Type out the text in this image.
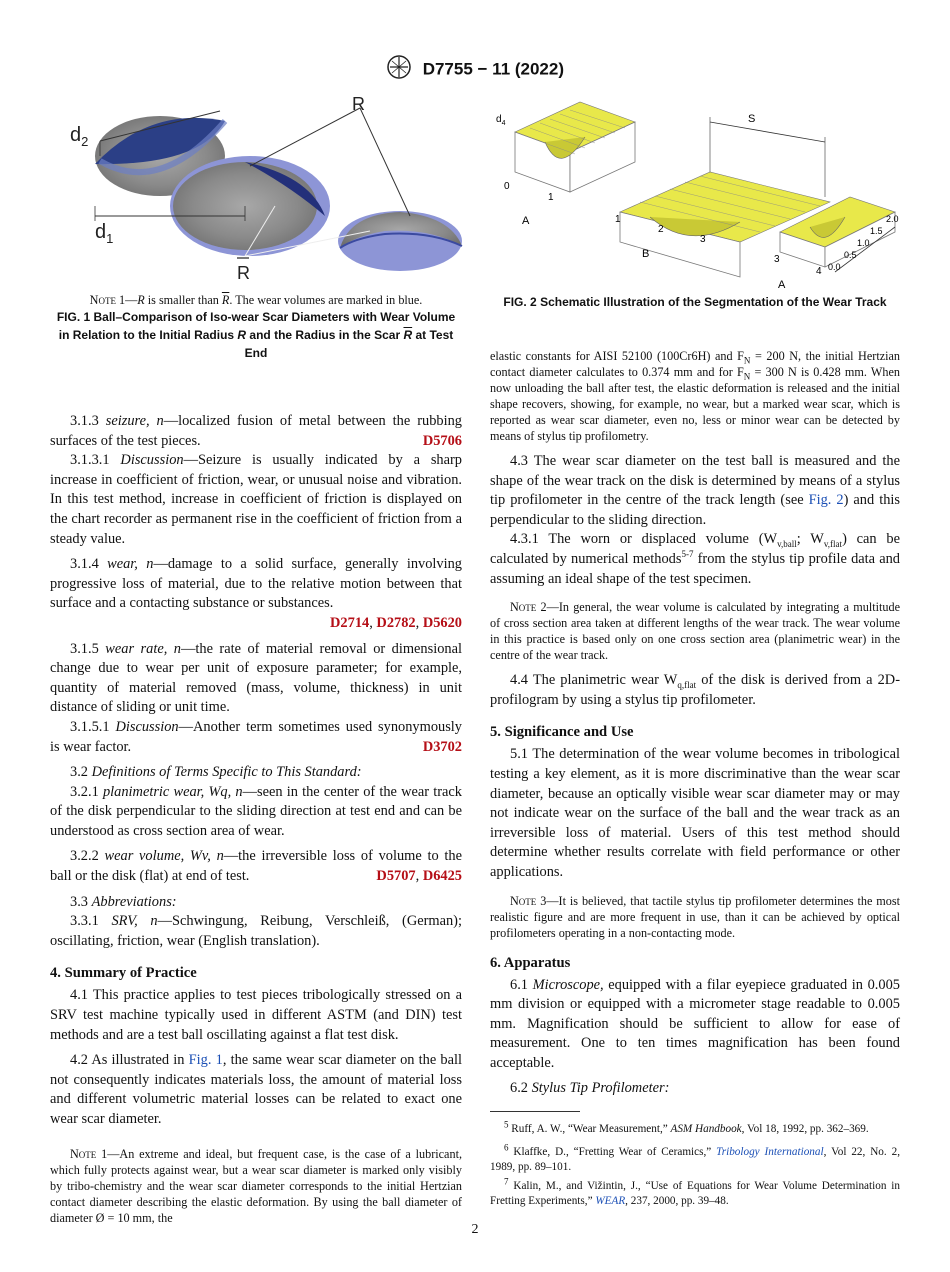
D7755 − 11 (2022)
$d_2$
$d_1$
R
R
Note 1—R is smaller than $\overline{R}$. The wear volumes are marked in blue.
FIG. 1 Ball–Comparison of Iso-wear Scar Diameters with Wear Volume in Relation to the Initial Radius R and the Radius in the Scar $\overline{R}$ at Test End
$d_4$
0
1
A
S
1
2
3
B	3
4
A
0.0
0.5
1.0
1.5
2.0
FIG. 2 Schematic Illustration of the Segmentation of the Wear Track

3.1.3 seizure, n—localized fusion of metal between the rubbing surfaces of the test pieces.	D5706

3.1.3.1 Discussion—Seizure is usually indicated by a sharp increase in coefficient of friction, wear, or unusual noise and vibration. In this test method, increase in coefficient of friction is displayed on the chart recorder as permanent rise in the coefficient of friction from a steady value.

3.1.4 wear, n—damage to a solid surface, generally involving progressive loss of material, due to the relative motion between that surface and a contacting substance or substances.

D2714, D2782, D5620

3.1.5 wear rate, n—the rate of material removal or dimensional change due to wear per unit of exposure parameter; for example, quantity of material removed (mass, volume, thickness) in unit distance of sliding or unit time.

3.1.5.1 Discussion—Another term sometimes used synonymously is wear factor.	D3702

3.2 Definitions of Terms Specific to This Standard:

3.2.1 planimetric wear, Wq, n—seen in the center of the wear track of the disk perpendicular to the sliding direction at test end and can be understood as cross section area of wear.

3.2.2 wear volume, Wv, n—the irreversible loss of volume to the ball or the disk (flat) at end of test.	D5707, D6425

3.3 Abbreviations:

3.3.1 SRV, n—Schwingung, Reibung, Verschleiß, (German); oscillating, friction, wear (English translation).

4. Summary of Practice

4.1 This practice applies to test pieces tribologically stressed on a SRV test machine typically used in different ASTM (and DIN) test methods and are a test ball oscillating against a flat test disk.

4.2 As illustrated in Fig. 1, the same wear scar diameter on the ball not consequently indicates materials loss, the amount of material loss and different volumetric material losses can be related to exact one wear scar diameter.

Note 1—An extreme and ideal, but frequent case, is the case of a lubricant, which fully protects against wear, but a wear scar diameter is marked only visibly by tribo-chemistry and the wear scar diameter corresponds to the initial Hertzian contact diameter describing the elastic deformation. By using the ball diameter of diameter Ø = 10 mm, the

elastic constants for AISI 52100 (100Cr6H) and $F_N = 200$ N, the initial Hertzian contact diameter calculates to 0.374 mm and for $F_N = 300$ N is 0.428 mm. When now unloading the ball after test, the elastic deformation is released and the initial shape recovers, showing, for example, no wear, but a marked wear scar, which is reported as wear scar diameter, even no, less or minor wear can be detected by means of stylus tip profilometry.

4.3 The wear scar diameter on the test ball is measured and the shape of the wear track on the disk is determined by means of a stylus tip profilometer in the centre of the track length (see Fig. 2) and this perpendicular to the sliding direction.

4.3.1 The worn or displaced volume ($W_{v,ball}$; $W_{v,flat}$) can be calculated by numerical methods$^{5-7}$ from the stylus tip profile data and assuming an ideal shape of the test specimen.

Note 2—In general, the wear volume is calculated by integrating a multitude of cross section area taken at different lengths of the wear track. The wear volume in this practice is based only on one cross section area (planimetric wear) in the centre of the wear track.

4.4 The planimetric wear $W_{q,flat}$ of the disk is derived from a 2D-profilogram by using a stylus tip profilometer.

5. Significance and Use

5.1 The determination of the wear volume becomes in tribological testing a key element, as it is more discriminative than the wear scar diameter, because an optically visible wear scar diameter may or may not indicate wear on the surface of the ball and the wear track as an irreversible loss of material. Users of this test method should determine whether results correlate with field performance or other applications.

Note 3—It is believed, that tactile stylus tip profilometer determines the most realistic figure and are more frequent in use, than it can be achieved by optical profilometers operating in a non-contacting mode.

6. Apparatus

6.1 Microscope, equipped with a filar eyepiece graduated in 0.005 mm division or equipped with a micrometer stage readable to 0.005 mm. Magnification should be sufficient to allow for ease of measurement. One to ten times magnification has been found acceptable.

6.2 Stylus Tip Profilometer:

$^5$ Ruff, A. W., “Wear Measurement,” ASM Handbook, Vol 18, 1992, pp. 362–369.

$^6$ Klaffke, D., “Fretting Wear of Ceramics,” Tribology International, Vol 22, No. 2, 1989, pp. 89–101.

$^7$ Kalin, M., and Vižintin, J., “Use of Equations for Wear Volume Determination in Fretting Experiments,” WEAR, 237, 2000, pp. 39–48.

2
